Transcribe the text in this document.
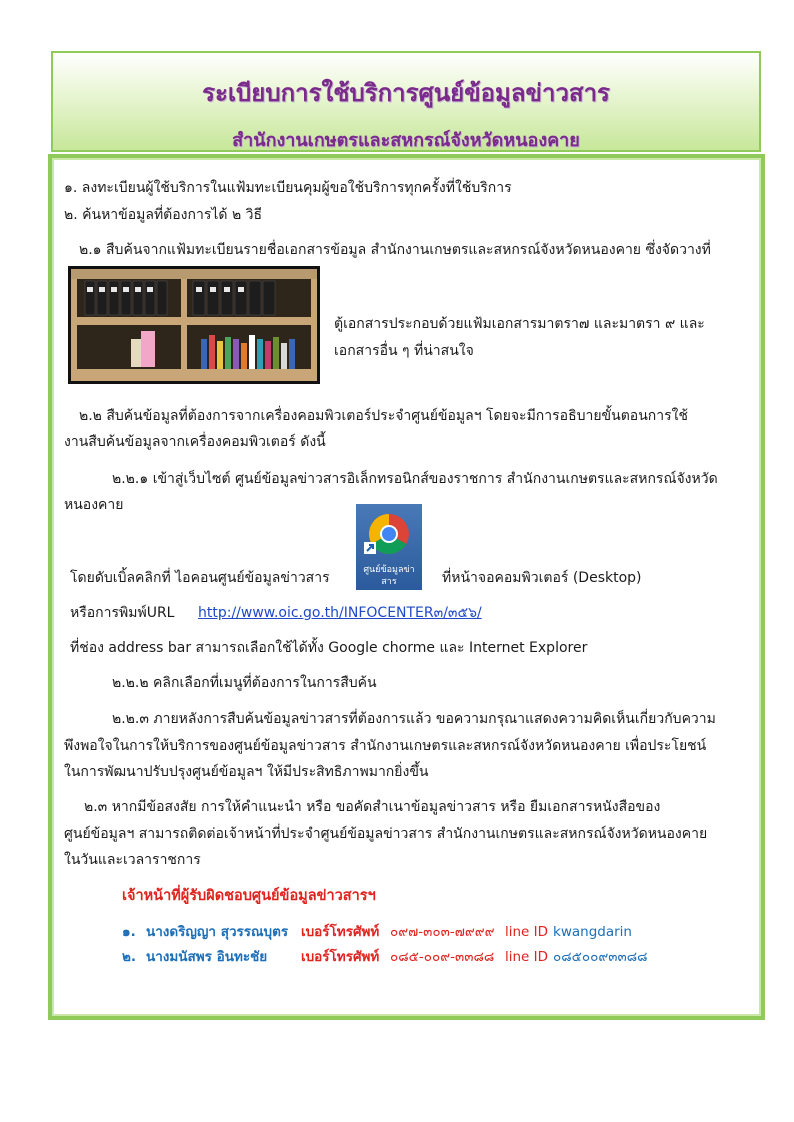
ระเบียบการใช้บริการศูนย์ข้อมูลข่าวสาร
สำนักงานเกษตรและสหกรณ์จังหวัดหนองคาย
๑. ลงทะเบียนผู้ใช้บริการในแฟ้มทะเบียนคุมผู้ขอใช้บริการทุกครั้งที่ใช้บริการ
๒. ค้นหาข้อมูลที่ต้องการได้ ๒ วิธี
๒.๑ สืบค้นจากแฟ้มทะเบียนรายชื่อเอกสารข้อมูล สำนักงานเกษตรและสหกรณ์จังหวัดหนองคาย ซึ่งจัดวางที่
ตู้เอกสารประกอบด้วยแฟ้มเอกสารมาตรา๗ และมาตรา ๙ และ
เอกสารอื่น ๆ ที่น่าสนใจ
๒.๒ สืบค้นข้อมูลที่ต้องการจากเครื่องคอมพิวเตอร์ประจำศูนย์ข้อมูลฯ โดยจะมีการอธิบายขั้นตอนการใช้
งานสืบค้นข้อมูลจากเครื่องคอมพิวเตอร์ ดังนี้
๒.๒.๑ เข้าสู่เว็บไซต์ ศูนย์ข้อมูลข่าวสารอิเล็กทรอนิกส์ของราชการ สำนักงานเกษตรและสหกรณ์จังหวัด
หนองคาย
ศูนย์ข้อมูลข่า
สาร
โดยดับเบิ้ลคลิกที่ ไอคอนศูนย์ข้อมูลข่าวสาร	ที่หน้าจอคอมพิวเตอร์ (Desktop)
หรือการพิมพ์URL http://www.oic.go.th/INFOCENTER๓/๓๕๖/
ที่ช่อง address bar สามารถเลือกใช้ได้ทั้ง Google chorme และ Internet Explorer
๒.๒.๒ คลิกเลือกที่เมนูที่ต้องการในการสืบค้น
๒.๒.๓ ภายหลังการสืบค้นข้อมูลข่าวสารที่ต้องการแล้ว ขอความกรุณาแสดงความคิดเห็นเกี่ยวกับความ
พึงพอใจในการให้บริการของศูนย์ข้อมูลข่าวสาร สำนักงานเกษตรและสหกรณ์จังหวัดหนองคาย เพื่อประโยชน์
ในการพัฒนาปรับปรุงศูนย์ข้อมูลฯ ให้มีประสิทธิภาพมากยิ่งขึ้น
๒.๓ หากมีข้อสงสัย การให้คำแนะนำ หรือ ขอคัดสำเนาข้อมูลข่าวสาร หรือ ยืมเอกสารหนังสือของ
ศูนย์ข้อมูลฯ สามารถติดต่อเจ้าหน้าที่ประจำศูนย์ข้อมูลข่าวสาร สำนักงานเกษตรและสหกรณ์จังหวัดหนองคาย
ในวันและเวลาราชการ
เจ้าหน้าที่ผู้รับผิดชอบศูนย์ข้อมูลข่าวสารฯ
๑. นางดริญญา สุวรรณบุตร เบอร์โทรศัพท์ ๐๙๗-๓๐๓-๗๙๙๙ line ID kwangdarin
๒. นางมนัสพร อินทะชัย	เบอร์โทรศัพท์ ๐๘๕-๐๐๙-๓๓๘๘ line ID ๐๘๕๐๐๙๓๓๘๘
